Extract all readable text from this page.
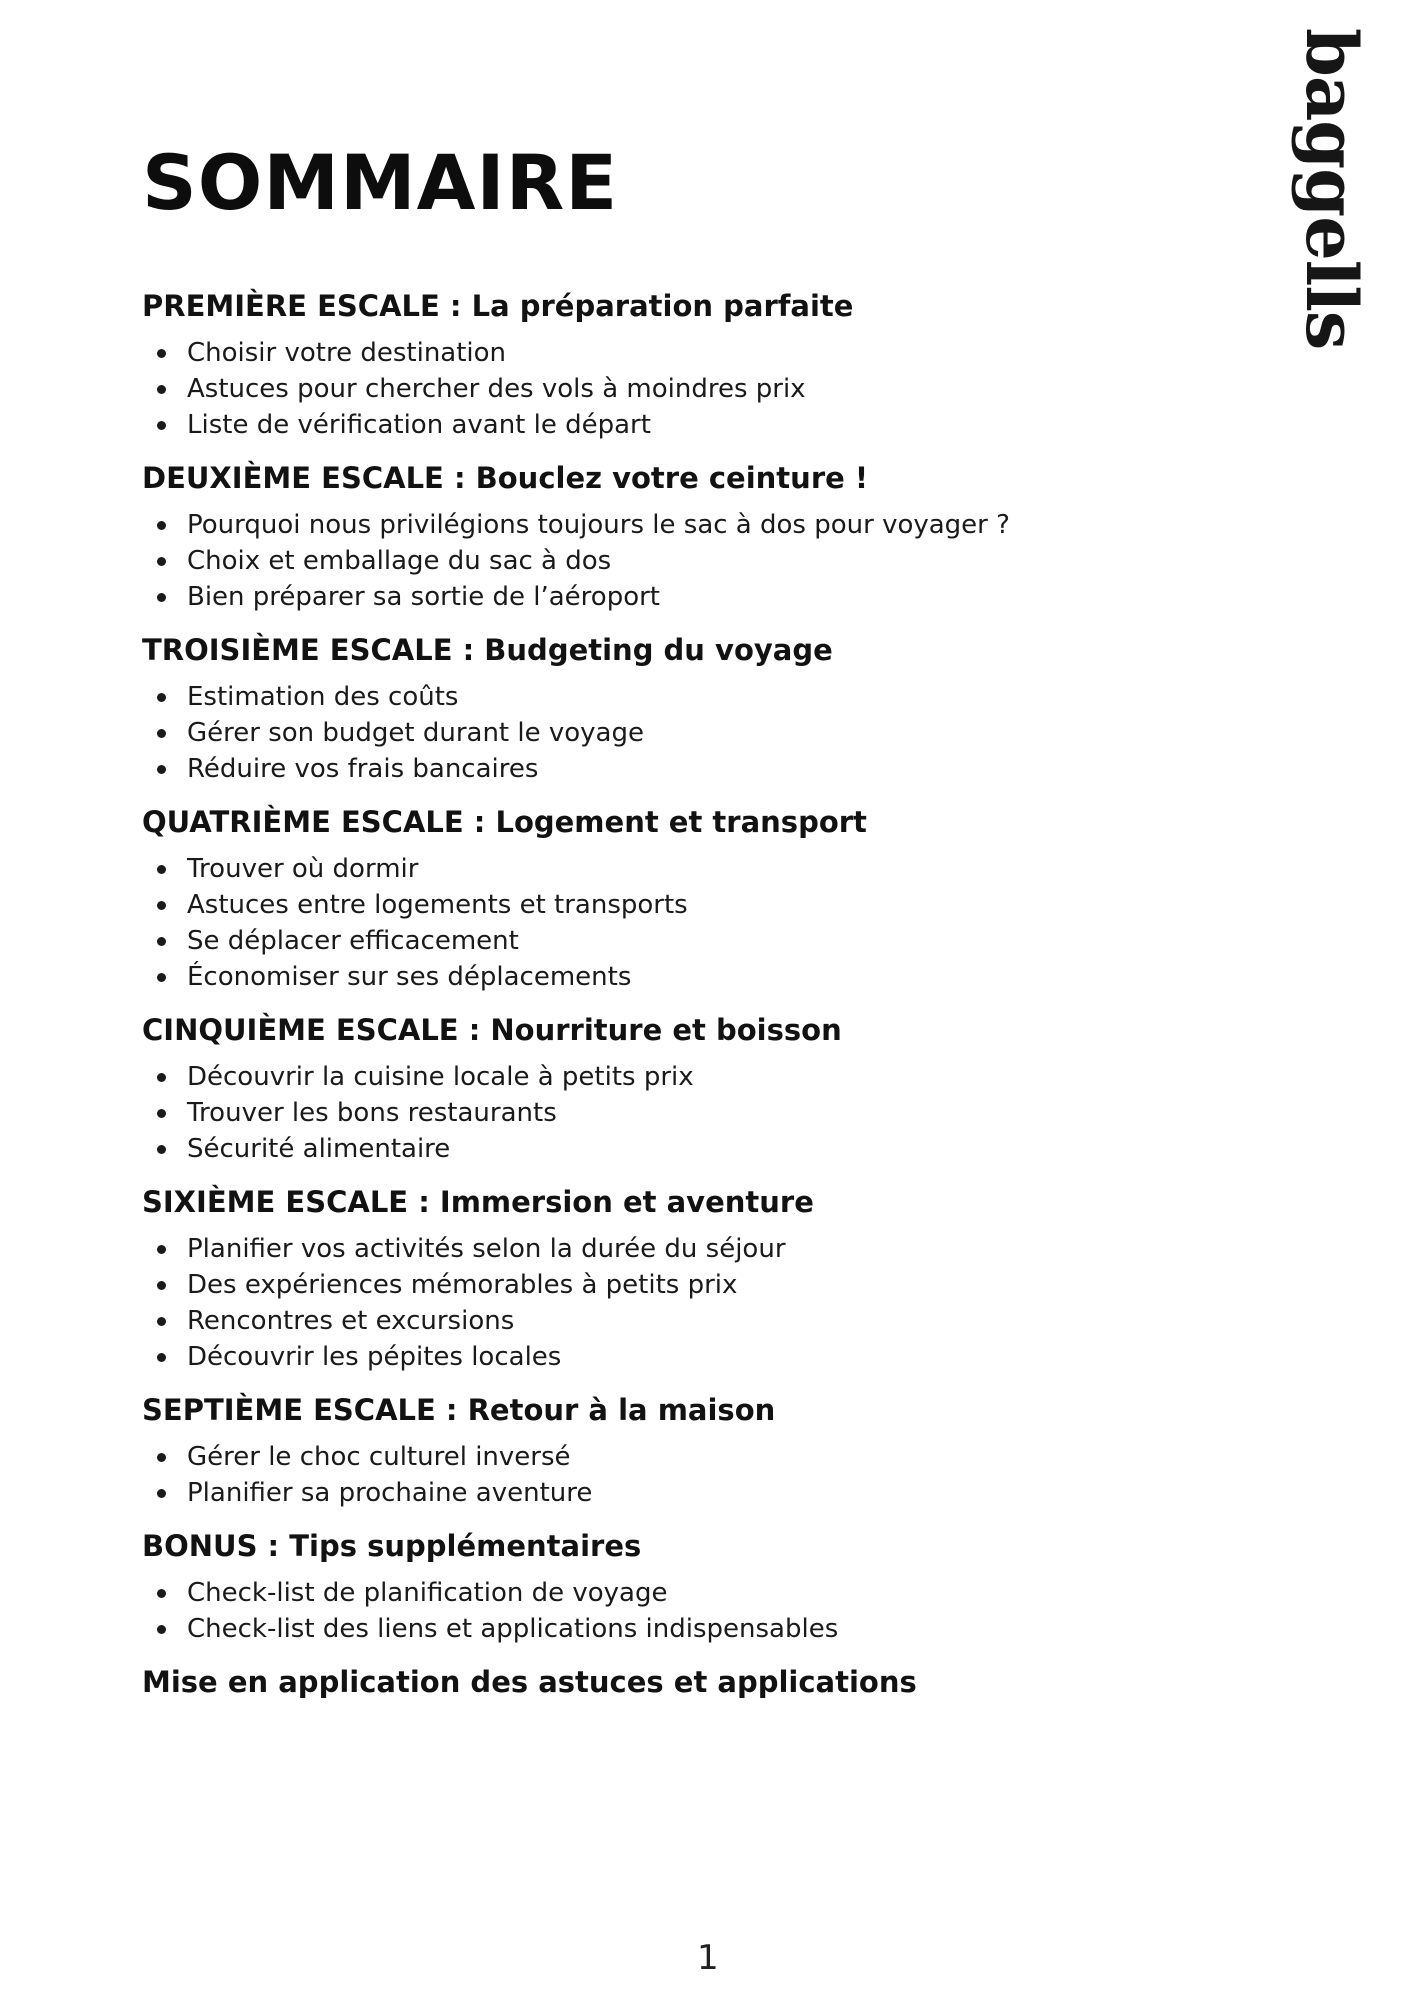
SOMMAIRE	baggells
PREMIÈRE ESCALE : La préparation parfaite
Choisir votre destination
Astuces pour chercher des vols à moindres prix
Liste de vérification avant le départ
DEUXIÈME ESCALE : Bouclez votre ceinture !
Pourquoi nous privilégions toujours le sac à dos pour voyager ?
Choix et emballage du sac à dos
Bien préparer sa sortie de l’aéroport
TROISIÈME ESCALE : Budgeting du voyage
Estimation des coûts
Gérer son budget durant le voyage
Réduire vos frais bancaires
QUATRIÈME ESCALE : Logement et transport
Trouver où dormir
Astuces entre logements et transports
Se déplacer efficacement
Économiser sur ses déplacements
CINQUIÈME ESCALE : Nourriture et boisson
Découvrir la cuisine locale à petits prix
Trouver les bons restaurants
Sécurité alimentaire
SIXIÈME ESCALE : Immersion et aventure
Planifier vos activités selon la durée du séjour
Des expériences mémorables à petits prix
Rencontres et excursions
Découvrir les pépites locales
SEPTIÈME ESCALE : Retour à la maison
Gérer le choc culturel inversé
Planifier sa prochaine aventure
BONUS : Tips supplémentaires
Check-list de planification de voyage
Check-list des liens et applications indispensables
Mise en application des astuces et applications
1
